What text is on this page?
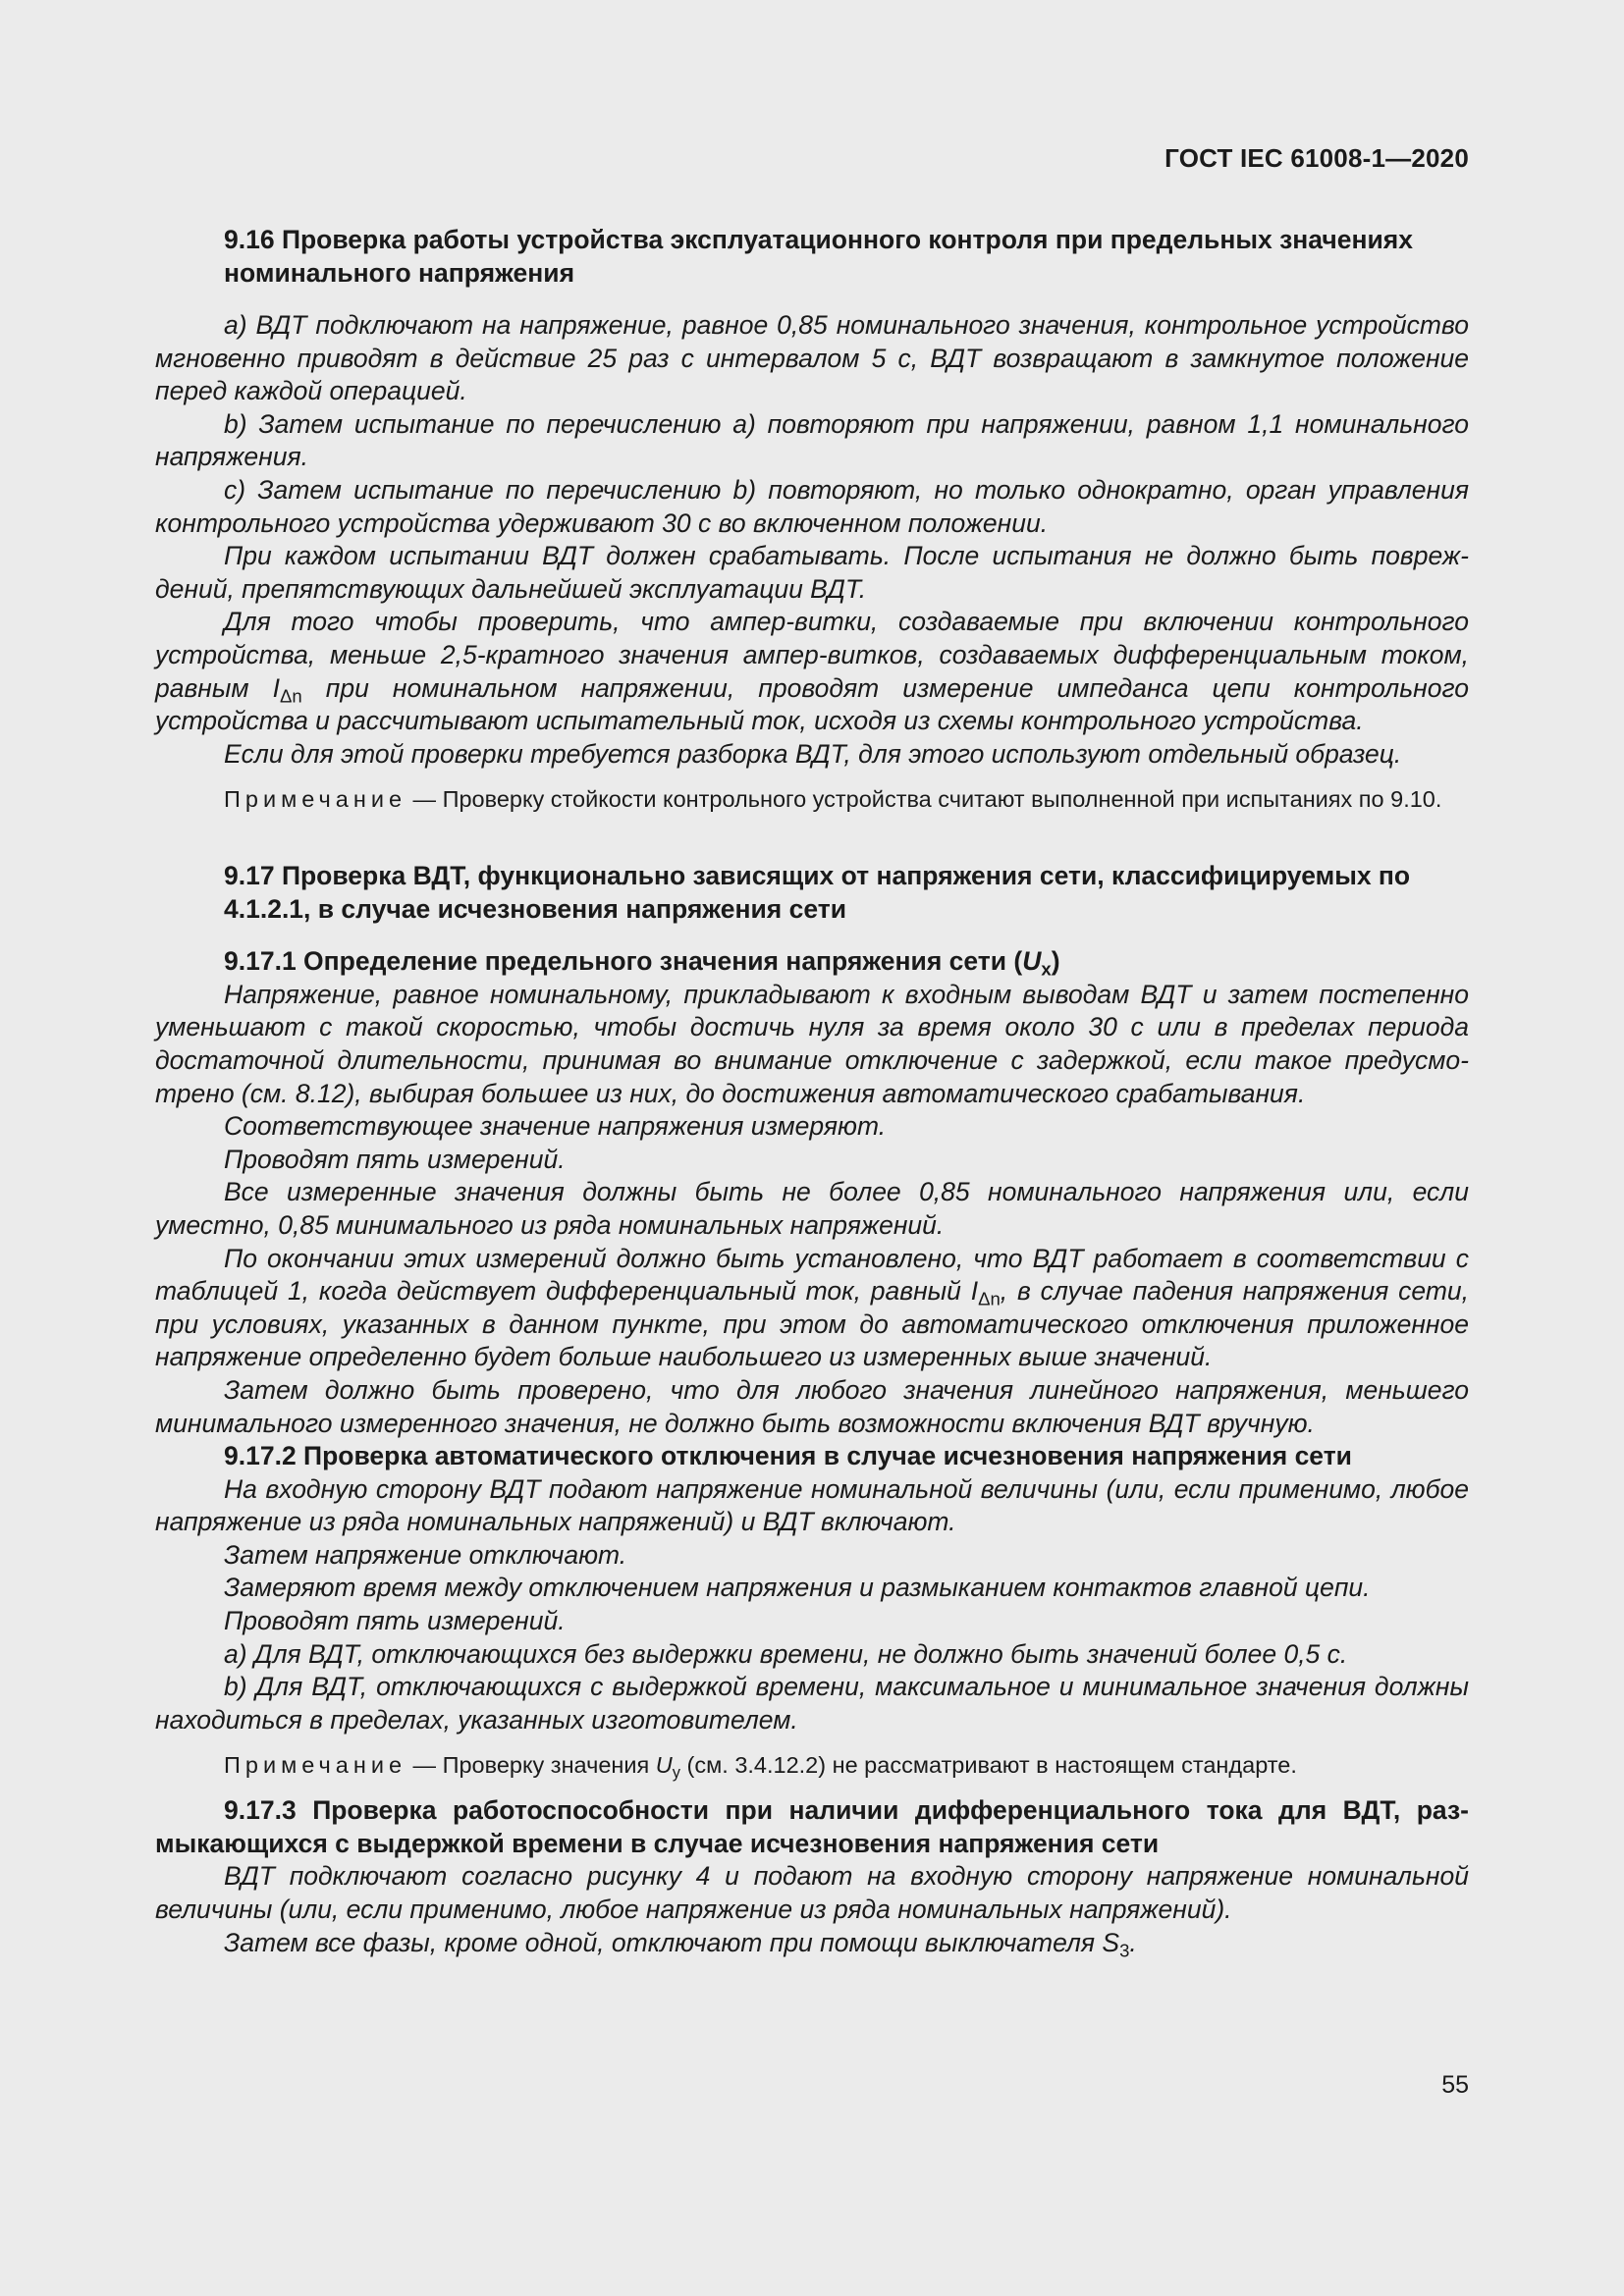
ГОСТ IEC 61008-1—2020
9.16 Проверка работы устройства эксплуатационного контроля при предельных значениях номинального напряжения

а) ВДТ подключают на напряжение, равное 0,85 номинального значения, контрольное устройство мгновенно приводят в действие 25 раз с интервалом 5 с, ВДТ возвращают в замкнутое положение перед каждой операцией.

b) Затем испытание по перечислению а) повторяют при напряжении, равном 1,1 номинального напряжения.

с) Затем испытание по перечислению b) повторяют, но только однократно, орган управления контрольного устройства удерживают 30 с во включенном положении.

При каждом испытании ВДТ должен срабатывать. После испытания не должно быть повреждений, препятствующих дальнейшей эксплуатации ВДТ.

Для того чтобы проверить, что ампер-витки, создаваемые при включении контрольного устройства, меньше 2,5-кратного значения ампер-витков, создаваемых дифференциальным током, равным $I_{\Delta n}$ при номинальном напряжении, проводят измерение импеданса цепи контрольного устройства и рассчитывают испытательный ток, исходя из схемы контрольного устройства.

Если для этой проверки требуется разборка ВДТ, для этого используют отдельный образец.

Примечание — Проверку стойкости контрольного устройства считают выполненной при испытаниях по 9.10.

9.17 Проверка ВДТ, функционально зависящих от напряжения сети, классифицируемых по 4.1.2.1, в случае исчезновения напряжения сети
9.17.1 Определение предельного значения напряжения сети $(U_x)$

Напряжение, равное номинальному, прикладывают к входным выводам ВДТ и затем постепенно уменьшают с такой скоростью, чтобы достичь нуля за время около 30 с или в пределах периода достаточной длительности, принимая во внимание отключение с задержкой, если такое предусмотрено (см. 8.12), выбирая большее из них, до достижения автоматического срабатывания.

Соответствующее значение напряжения измеряют.

Проводят пять измерений.

Все измеренные значения должны быть не более 0,85 номинального напряжения или, если уместно, 0,85 минимального из ряда номинальных напряжений.

По окончании этих измерений должно быть установлено, что ВДТ работает в соответствии с таблицей 1, когда действует дифференциальный ток, равный $I_{\Delta n}$, в случае падения напряжения сети, при условиях, указанных в данном пункте, при этом до автоматического отключения приложенное напряжение определенно будет больше наибольшего из измеренных выше значений.

Затем должно быть проверено, что для любого значения линейного напряжения, меньшего минимального измеренного значения, не должно быть возможности включения ВДТ вручную.

9.17.2 Проверка автоматического отключения в случае исчезновения напряжения сети

На входную сторону ВДТ подают напряжение номинальной величины (или, если применимо, любое напряжение из ряда номинальных напряжений) и ВДТ включают.

Затем напряжение отключают.

Замеряют время между отключением напряжения и размыканием контактов главной цепи.

Проводят пять измерений.

а) Для ВДТ, отключающихся без выдержки времени, не должно быть значений более 0,5 с.

b) Для ВДТ, отключающихся с выдержкой времени, максимальное и минимальное значения должны находиться в пределах, указанных изготовителем.

Примечание — Проверку значения $U_y$ (см. 3.4.12.2) не рассматривают в настоящем стандарте.

9.17.3 Проверка работоспособности при наличии дифференциального тока для ВДТ, размыкающихся с выдержкой времени в случае исчезновения напряжения сети

ВДТ подключают согласно рисунку 4 и подают на входную сторону напряжение номинальной величины (или, если применимо, любое напряжение из ряда номинальных напряжений).

Затем все фазы, кроме одной, отключают при помощи выключателя $S_3$.

55
